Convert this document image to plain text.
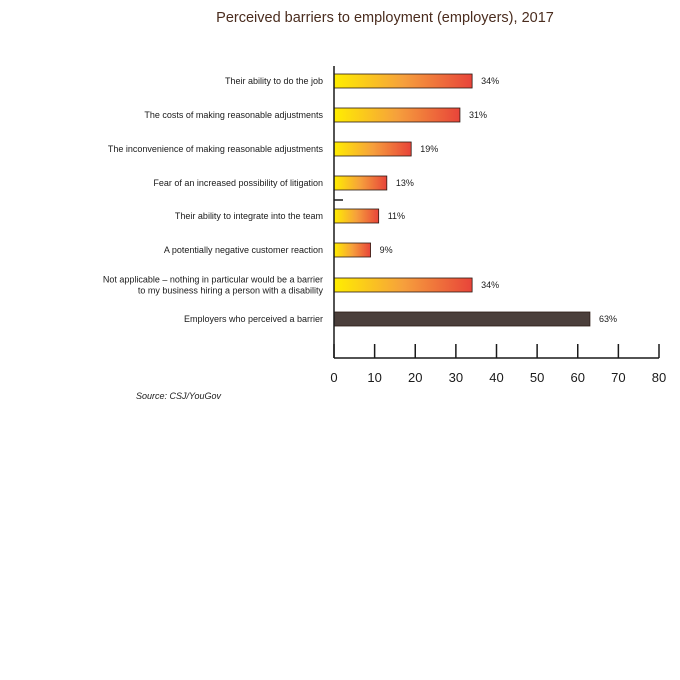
Perceived barriers to employment (employers), 2017
34%
Their ability to do the job
31%
The costs of making reasonable adjustments
19%
The inconvenience of making reasonable adjustments
13%
Fear of an increased possibility of litigation
11%
Their ability to integrate into the team
9%
A potentially negative customer reaction
34%
Not applicable – nothing in particular would be a barrier to my business hiring a person with a disability
63%
Employers who perceived a barrier
0 10 20 30 40 50 60 70 80
Source: CSJ/YouGov
